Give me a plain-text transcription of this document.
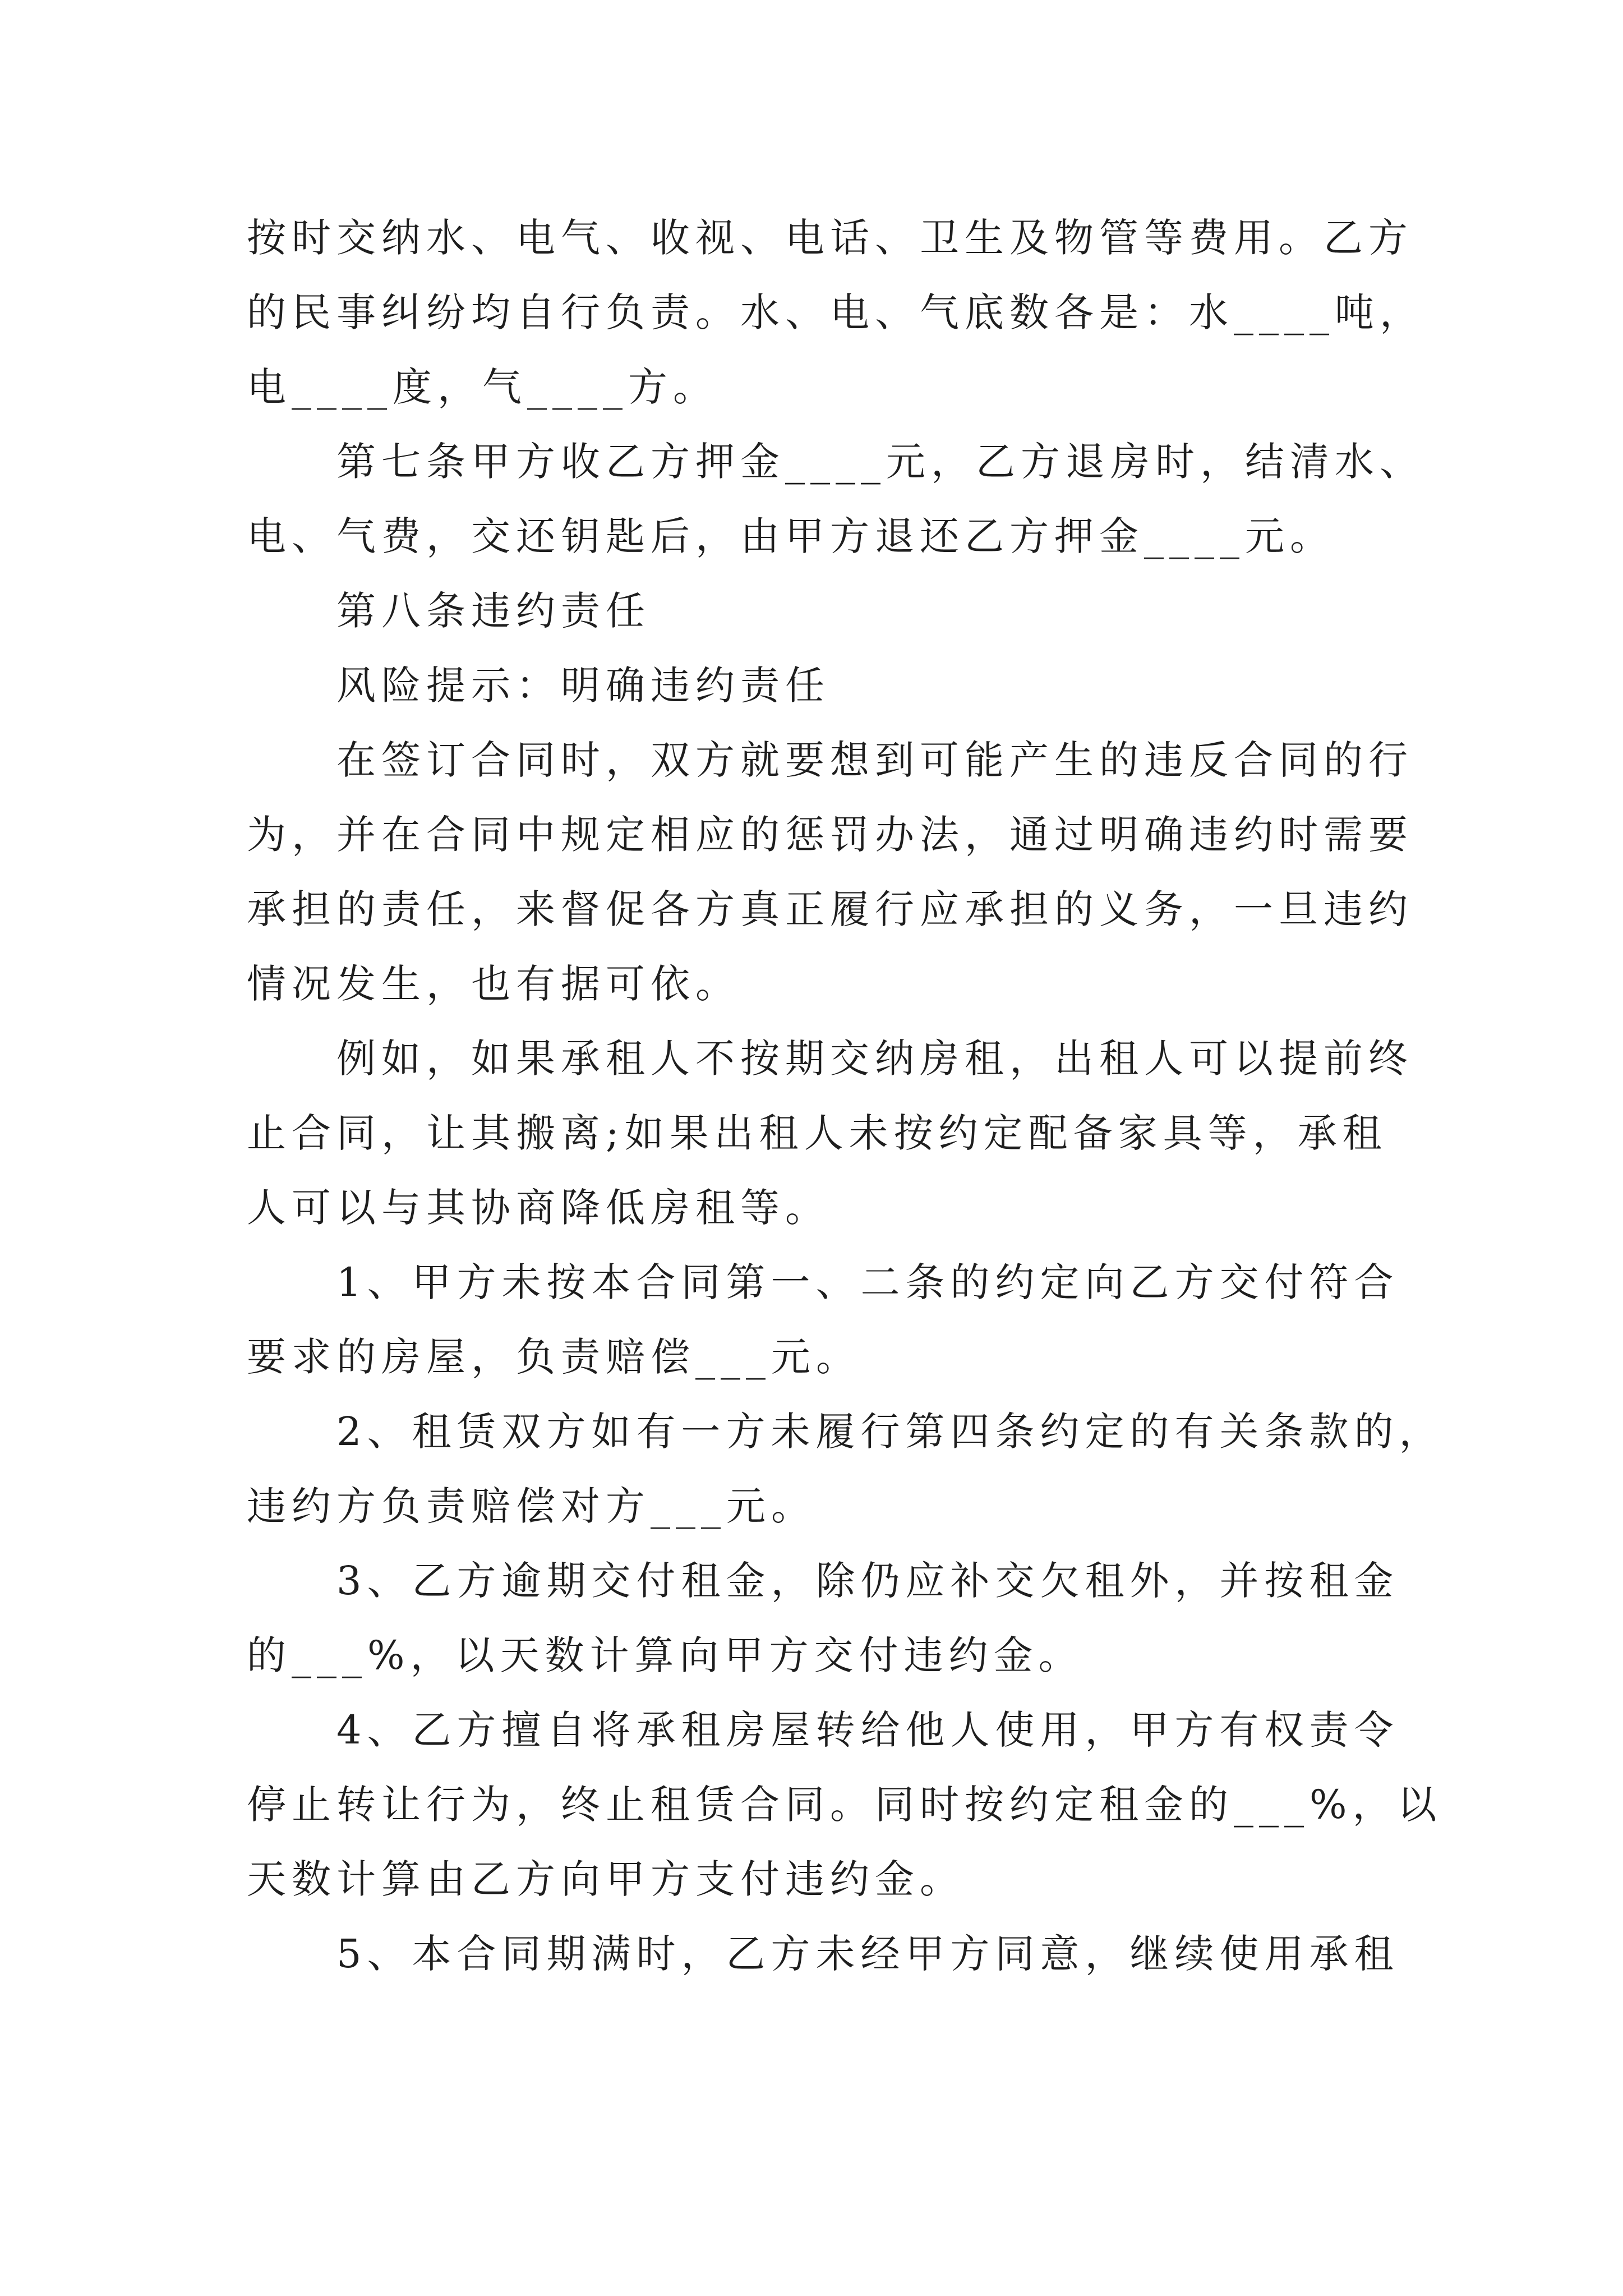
按时交纳水、电气、收视、电话、卫生及物管等费用。乙方

的民事纠纷均自行负责。水、电、气底数各是：水____吨，

电____度，气____方。

第七条甲方收乙方押金____元，乙方退房时，结清水、

电、气费，交还钥匙后，由甲方退还乙方押金____元。

第八条违约责任

风险提示：明确违约责任

在签订合同时，双方就要想到可能产生的违反合同的行

为，并在合同中规定相应的惩罚办法，通过明确违约时需要

承担的责任，来督促各方真正履行应承担的义务，一旦违约

情况发生，也有据可依。

例如，如果承租人不按期交纳房租，出租人可以提前终

止合同，让其搬离;如果出租人未按约定配备家具等，承租

人可以与其协商降低房租等。

1、甲方未按本合同第一、二条的约定向乙方交付符合

要求的房屋，负责赔偿___元。

2、租赁双方如有一方未履行第四条约定的有关条款的，

违约方负责赔偿对方___元。

3、乙方逾期交付租金，除仍应补交欠租外，并按租金

的___%，以天数计算向甲方交付违约金。

4、乙方擅自将承租房屋转给他人使用，甲方有权责令

停止转让行为，终止租赁合同。同时按约定租金的___%，以

天数计算由乙方向甲方支付违约金。

5、本合同期满时，乙方未经甲方同意，继续使用承租
